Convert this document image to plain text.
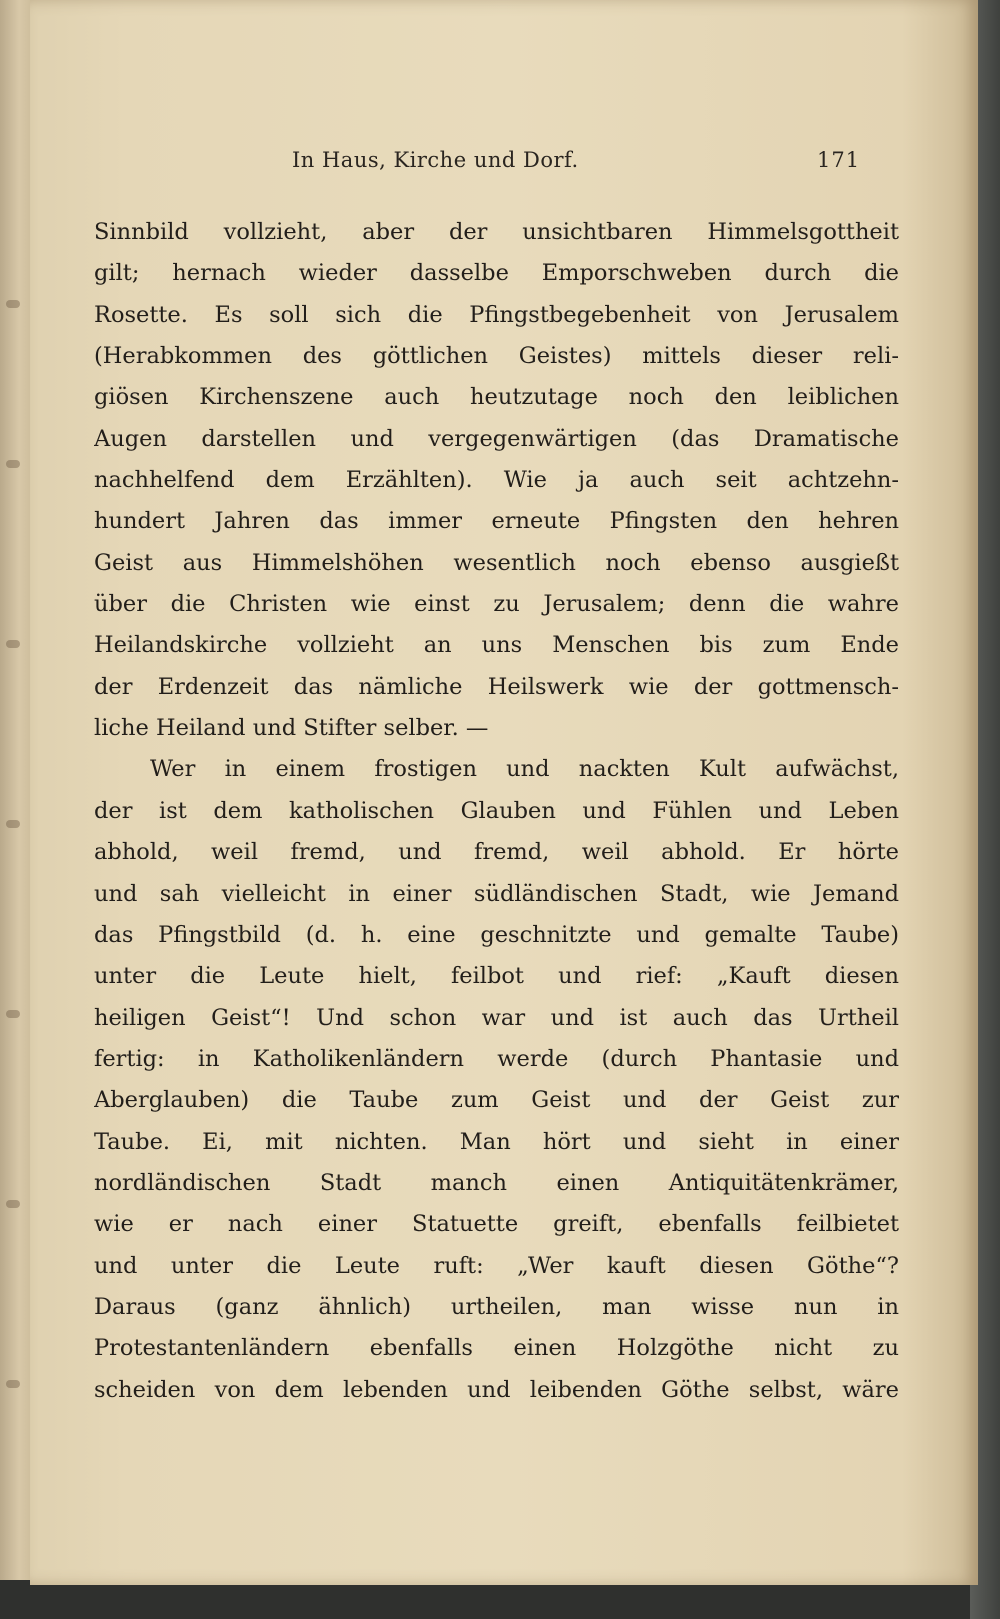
In Haus, Kirche und Dorf.	171
Sinnbild vollzieht, aber der unsichtbaren Himmelsgottheit
gilt; hernach wieder dasselbe Emporschweben durch die
Rosette. Es soll sich die Pfingstbegebenheit von Jerusalem
(Herabkommen des göttlichen Geistes) mittels dieser reli-
giösen Kirchenszene auch heutzutage noch den leiblichen
Augen darstellen und vergegenwärtigen (das Dramatische
nachhelfend dem Erzählten). Wie ja auch seit achtzehn-
hundert Jahren das immer erneute Pfingsten den hehren
Geist aus Himmelshöhen wesentlich noch ebenso ausgießt
über die Christen wie einst zu Jerusalem; denn die wahre
Heilandskirche vollzieht an uns Menschen bis zum Ende
der Erdenzeit das nämliche Heilswerk wie der gottmensch-
liche Heiland und Stifter selber. —
Wer in einem frostigen und nackten Kult aufwächst,
der ist dem katholischen Glauben und Fühlen und Leben
abhold, weil fremd, und fremd, weil abhold. Er hörte
und sah vielleicht in einer südländischen Stadt, wie Jemand
das Pfingstbild (d. h. eine geschnitzte und gemalte Taube)
unter die Leute hielt, feilbot und rief: „Kauft diesen
heiligen Geist“! Und schon war und ist auch das Urtheil
fertig: in Katholikenländern werde (durch Phantasie und
Aberglauben) die Taube zum Geist und der Geist zur
Taube. Ei, mit nichten. Man hört und sieht in einer
nordländischen Stadt manch einen Antiquitätenkrämer,
wie er nach einer Statuette greift, ebenfalls feilbietet
und unter die Leute ruft: „Wer kauft diesen Göthe“?
Daraus (ganz ähnlich) urtheilen, man wisse nun in
Protestantenländern ebenfalls einen Holzgöthe nicht zu
scheiden von dem lebenden und leibenden Göthe selbst, wäre
